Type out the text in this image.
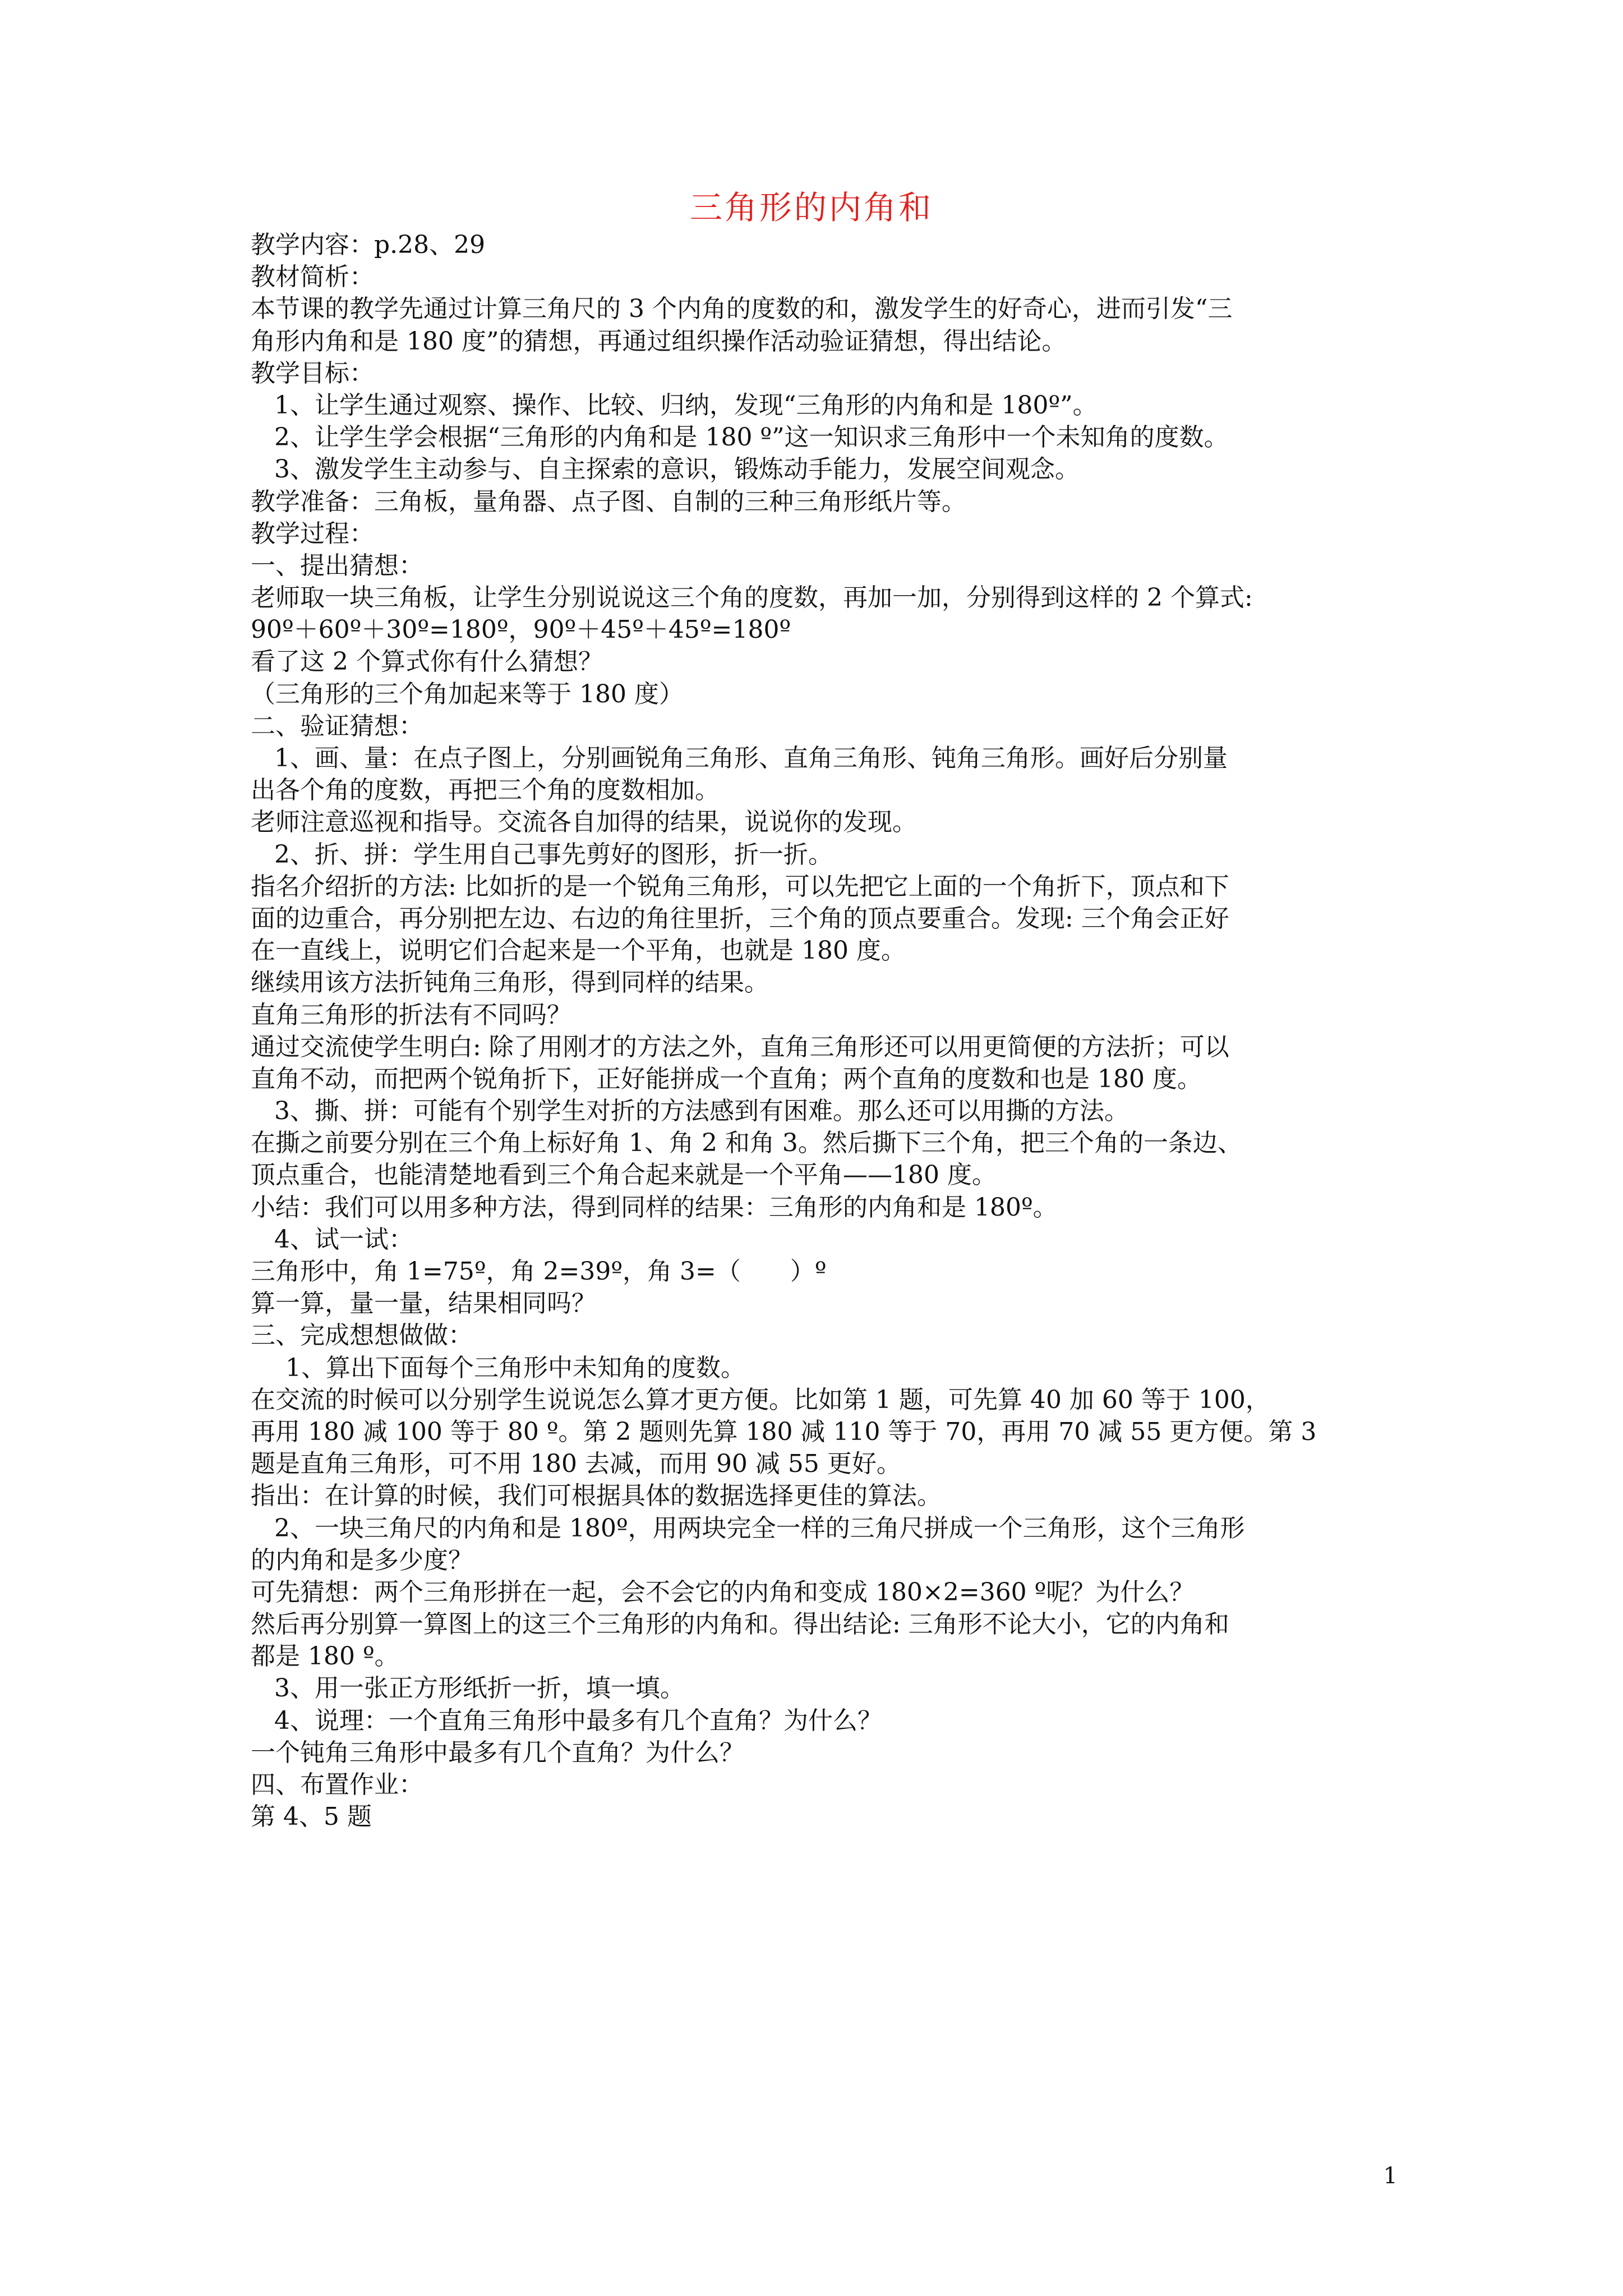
三角形的内角和
教学内容：p.28、29
教材简析：
本节课的教学先通过计算三角尺的 3 个内角的度数的和，激发学生的好奇心，进而引发“三
角形内角和是 180 度”的猜想，再通过组织操作活动验证猜想，得出结论。
教学目标：
1、让学生通过观察、操作、比较、归纳，发现“三角形的内角和是 180º”。
2、让学生学会根据“三角形的内角和是 180 º”这一知识求三角形中一个未知角的度数。
3、激发学生主动参与、自主探索的意识，锻炼动手能力，发展空间观念。
教学准备：三角板，量角器、点子图、自制的三种三角形纸片等。
教学过程：
一、提出猜想：
老师取一块三角板，让学生分别说说这三个角的度数，再加一加，分别得到这样的 2 个算式:
90º＋60º＋30º=180º，90º＋45º＋45º=180º
看了这 2 个算式你有什么猜想？
（三角形的三个角加起来等于 180 度）
二、验证猜想：
1、画、量：在点子图上，分别画锐角三角形、直角三角形、钝角三角形。画好后分别量
出各个角的度数，再把三个角的度数相加。
老师注意巡视和指导。交流各自加得的结果，说说你的发现。
2、折、拼：学生用自己事先剪好的图形，折一折。
指名介绍折的方法: 比如折的是一个锐角三角形，可以先把它上面的一个角折下，顶点和下
面的边重合，再分别把左边、右边的角往里折，三个角的顶点要重合。发现: 三个角会正好
在一直线上，说明它们合起来是一个平角，也就是 180 度。
继续用该方法折钝角三角形，得到同样的结果。
直角三角形的折法有不同吗？
通过交流使学生明白: 除了用刚才的方法之外，直角三角形还可以用更简便的方法折；可以
直角不动，而把两个锐角折下，正好能拼成一个直角；两个直角的度数和也是 180 度。
3、撕、拼：可能有个别学生对折的方法感到有困难。那么还可以用撕的方法。
在撕之前要分别在三个角上标好角 1、角 2 和角 3。然后撕下三个角，把三个角的一条边、
顶点重合，也能清楚地看到三个角合起来就是一个平角——180 度。
小结：我们可以用多种方法，得到同样的结果：三角形的内角和是 180º。
4、试一试：
三角形中，角 1=75º，角 2=39º，角 3=（　　）º
算一算，量一量，结果相同吗？
三、完成想想做做：
1、算出下面每个三角形中未知角的度数。
在交流的时候可以分别学生说说怎么算才更方便。比如第 1 题，可先算 40 加 60 等于 100，
再用 180 减 100 等于 80 º。第 2 题则先算 180 减 110 等于 70，再用 70 减 55 更方便。第 3
题是直角三角形，可不用 180 去减，而用 90 减 55 更好。
指出：在计算的时候，我们可根据具体的数据选择更佳的算法。
2、一块三角尺的内角和是 180º，用两块完全一样的三角尺拼成一个三角形，这个三角形
的内角和是多少度？
可先猜想：两个三角形拼在一起，会不会它的内角和变成 180×2=360 º呢？为什么？
然后再分别算一算图上的这三个三角形的内角和。得出结论: 三角形不论大小，它的内角和
都是 180 º。
3、用一张正方形纸折一折，填一填。
4、说理：一个直角三角形中最多有几个直角？为什么？
一个钝角三角形中最多有几个直角？为什么？
四、布置作业：
第 4、5 题
1
